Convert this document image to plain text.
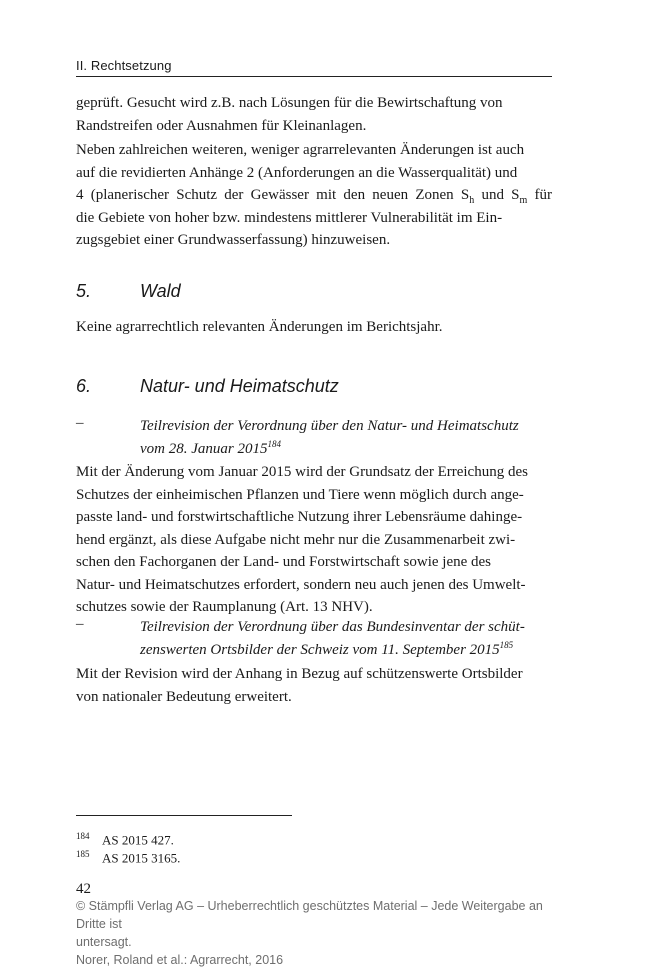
II. Rechtsetzung
geprüft. Gesucht wird z.B. nach Lösungen für die Bewirtschaftung von
Randstreifen oder Ausnahmen für Kleinanlagen.
Neben zahlreichen weiteren, weniger agrarrelevanten Änderungen ist auch
auf die revidierten Anhänge 2 (Anforderungen an die Wasserqualität) und
4 (planerischer Schutz der Gewässer mit den neuen Zonen $S_h$ und $S_m$ für
die Gebiete von hoher bzw. mindestens mittlerer Vulnerabilität im Ein-
zugsgebiet einer Grundwasserfassung) hinzuweisen.
5.	Wald
Keine agrarrechtlich relevanten Änderungen im Berichtsjahr.
6.	Natur- und Heimatschutz
–	Teilrevision der Verordnung über den Natur- und Heimatschutz
vom 28. Januar 2015$^{184}$
Mit der Änderung vom Januar 2015 wird der Grundsatz der Erreichung des
Schutzes der einheimischen Pflanzen und Tiere wenn möglich durch ange-
passte land- und forstwirtschaftliche Nutzung ihrer Lebensräume dahinge-
hend ergänzt, als diese Aufgabe nicht mehr nur die Zusammenarbeit zwi-
schen den Fachorganen der Land- und Forstwirtschaft sowie jene des
Natur- und Heimatschutzes erfordert, sondern neu auch jenen des Umwelt-
schutzes sowie der Raumplanung (Art. 13 NHV).
–	Teilrevision der Verordnung über das Bundesinventar der schüt-
zenswerten Ortsbilder der Schweiz vom 11. September 2015$^{185}$
Mit der Revision wird der Anhang in Bezug auf schützenswerte Ortsbilder
von nationaler Bedeutung erweitert.
184 AS 2015 427.
185 AS 2015 3165.
42
© Stämpfli Verlag AG – Urheberrechtlich geschütztes Material – Jede Weitergabe an Dritte ist
untersagt.
Norer, Roland et al.: Agrarrecht, 2016
